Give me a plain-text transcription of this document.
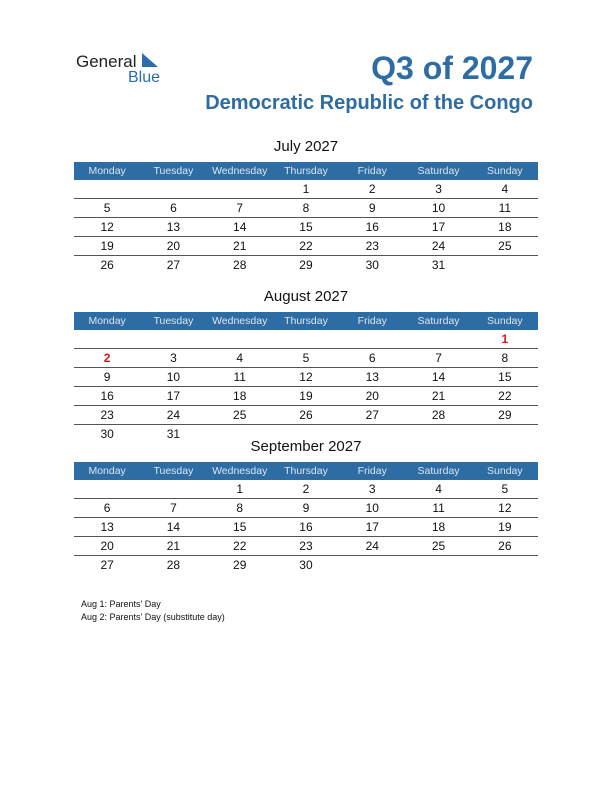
General
Blue	Q3 of 2027
Democratic Republic of the Congo
July 2027
Monday	Tuesday	Wednesday	Thursday	Friday	Saturday	Sunday
			1	2	3	4
5	6	7	8	9	10	11
12	13	14	15	16	17	18
19	20	21	22	23	24	25
26	27	28	29	30	31	
August 2027
Monday	Tuesday	Wednesday	Thursday	Friday	Saturday	Sunday
						1
2	3	4	5	6	7	8
9	10	11	12	13	14	15
16	17	18	19	20	21	22
23	24	25	26	27	28	29
30	31					
September 2027
Monday	Tuesday	Wednesday	Thursday	Friday	Saturday	Sunday
		1	2	3	4	5
6	7	8	9	10	11	12
13	14	15	16	17	18	19
20	21	22	23	24	25	26
27	28	29	30			
Aug 1: Parents’ Day
Aug 2: Parents’ Day (substitute day)
